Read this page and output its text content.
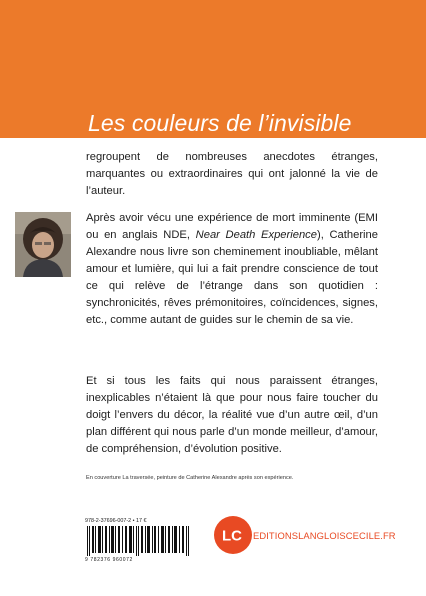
Les couleurs de l’invisible

regroupent de nombreuses anecdotes étranges, marquantes ou extraordinaires qui ont jalonné la vie de l’auteur.

Après avoir vécu une expérience de mort imminente (EMI ou en anglais NDE, Near Death Experience), Catherine Alexandre nous livre son cheminement inoubliable, mêlant amour et lumière, qui lui a fait prendre conscience de tout ce qui relève de l’étrange dans son quotidien : synchronicités, rêves prémonitoires, coïncidences, signes, etc., comme autant de guides sur le chemin de sa vie.

Et si tous les faits qui nous paraissent étranges, inexplicables n’étaient là que pour nous faire toucher du doigt l’envers du décor, la réalité vue d’un autre œil, d’un plan différent qui nous parle d’un monde meilleur, d’amour, de compréhension, d’évolution positive.

En couverture La traversée, peinture de Catherine Alexandre après son expérience.

978-2-37696-007-2 • 17 €
9 782376 960072
LC EDITIONSLANGLOISCECILE.FR
